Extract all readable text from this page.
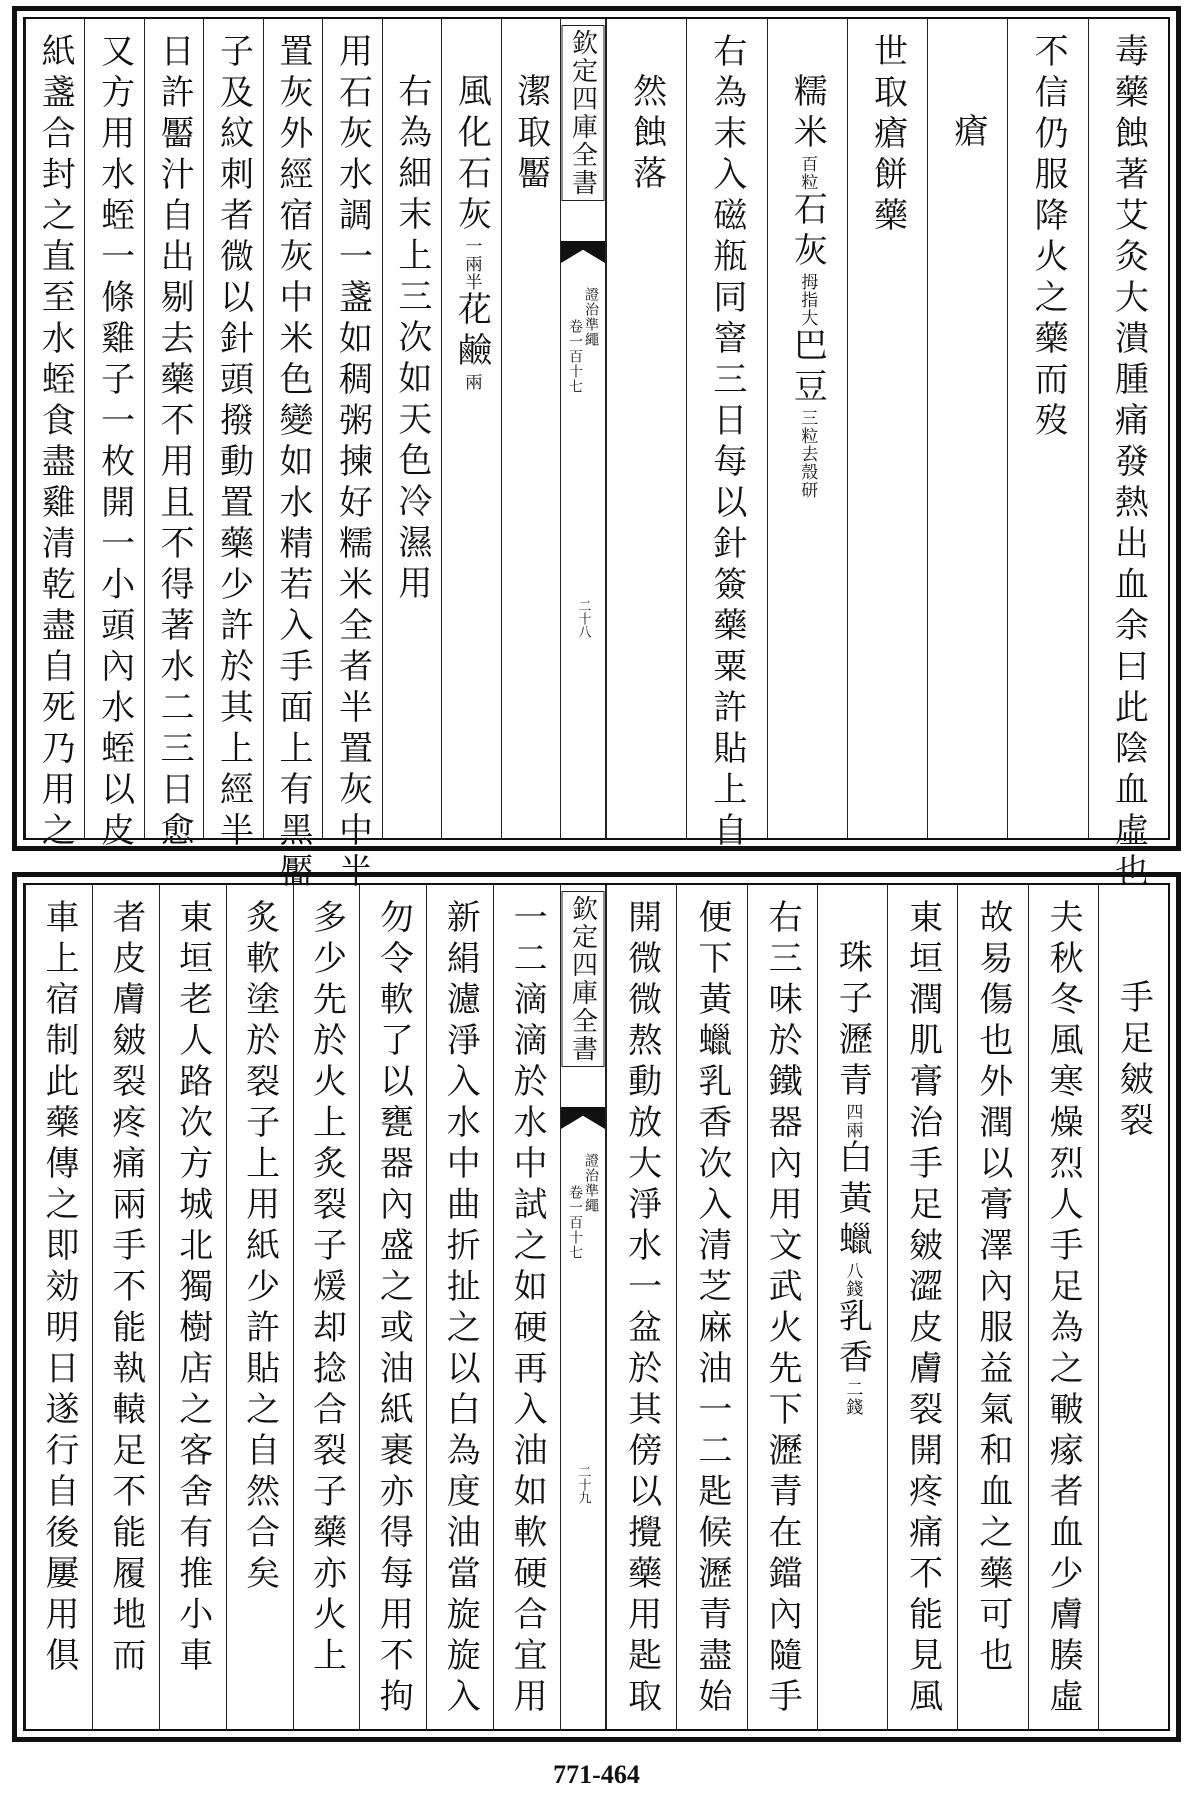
潔取靨
風化石灰一兩半花鹼兩
右為細末上三次如天色冷濕用
用石灰水調一盞如稠粥揀好糯米全者半置灰中半
置灰外經宿灰中米色變如水精若入手面上有黑靨
子及紋刺者微以針頭撥動置藥少許於其上經半
日許靨汁自出剔去藥不用且不得著水二三日愈
又方用水蛭一條雞子一枚開一小頭內水蛭以皮
紙盞合封之直至水蛭食盡雞清乾盡自死乃用之	毒藥蝕著艾灸大潰腫痛發熱出血余曰此陰血虛也
不信仍服降火之藥而歿
瘡
世取瘡餅藥
糯米百粒石灰拇指大巴豆三粒去殼研
右為末入磁瓶同窨三日每以針簽藥粟許貼上自
然蝕落
欽定四庫全書
證治準繩
卷一百十七
二十八
一二滴滴於水中試之如硬再入油如軟硬合宜用
新絹濾淨入水中曲折扯之以白為度油當旋旋入
勿令軟了以甕器內盛之或油紙裹亦得每用不拘
多少先於火上炙裂子煖却捻合裂子藥亦火上
炙軟塗於裂子上用紙少許貼之自然合矣
東垣老人路次方城北獨樹店之客舍有推小車
者皮膚皴裂疼痛兩手不能執轅足不能履地而
車上宿制此藥傳之即効明日遂行自後屢用俱	手足皴裂
夫秋冬風寒燥烈人手足為之皸瘃者血少膚腠虛
故易傷也外潤以膏澤內服益氣和血之藥可也
東垣潤肌膏治手足皴澀皮膚裂開疼痛不能見風
珠子瀝青四兩白黃蠟八錢乳香二錢
右三味於鐵器內用文武火先下瀝青在鐺內隨手
便下黃蠟乳香次入清芝麻油一二匙候瀝青盡始
開微微熬動放大淨水一盆於其傍以攪藥用匙取
欽定四庫全書
證治準繩
卷一百十七
二十九
771-464
